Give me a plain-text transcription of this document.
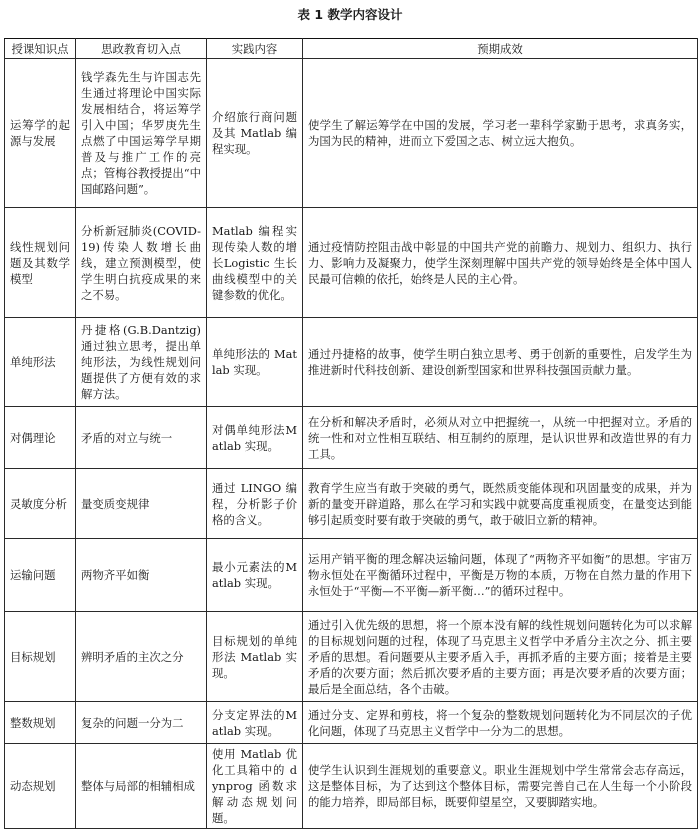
表 1 教学内容设计
授课知识点	思政教育切入点	实践内容	预期成效
运筹学的起源与发展	钱学森先生与许国志先生通过将理论中国实际发展相结合，将运筹学引入中国；华罗庚先生点燃了中国运筹学早期普及与推广工作的亮点；管梅谷教授提出“中国邮路问题”。	介绍旅行商问题及其 Matlab 编程实现。	使学生了解运筹学在中国的发展，学习老一辈科学家勤于思考，求真务实，为国为民的精神，进而立下爱国之志、树立远大抱负。
线性规划问题及其数学模型	分析新冠肺炎(COVID-19)传染人数增长曲线，建立预测模型，使学生明白抗疫成果的来之不易。	Matlab 编程实现传染人数的增长Logistic 生长曲线模型中的关键参数的优化。	通过疫情防控阻击战中彰显的中国共产党的前瞻力、规划力、组织力、执行力、影响力及凝聚力，使学生深刻理解中国共产党的领导始终是全体中国人民最可信赖的依托，始终是人民的主心骨。
单纯形法	丹捷格(G.B.Dantzig)通过独立思考，提出单纯形法，为线性规划问题提供了方便有效的求解方法。	单纯形法的 Matlab 实现。	通过丹捷格的故事，使学生明白独立思考、勇于创新的重要性，启发学生为推进新时代科技创新、建设创新型国家和世界科技强国贡献力量。
对偶理论	矛盾的对立与统一	对偶单纯形法Matlab 实现。	在分析和解决矛盾时，必须从对立中把握统一，从统一中把握对立。矛盾的统一性和对立性相互联结、相互制约的原理，是认识世界和改造世界的有力工具。
灵敏度分析	量变质变规律	通过 LINGO 编程，分析影子价格的含义。	教育学生应当有敢于突破的勇气，既然质变能体现和巩固量变的成果，并为新的量变开辟道路，那么在学习和实践中就要高度重视质变，在量变达到能够引起质变时要有敢于突破的勇气，敢于破旧立新的精神。
运输问题	两物齐平如衡	最小元素法的Matlab 实现。	运用产销平衡的理念解决运输问题，体现了“两物齐平如衡”的思想。宇宙万物永恒处在平衡循环过程中，平衡是万物的本质，万物在自然力量的作用下永恒处于“平衡—不平衡—新平衡…”的循环过程中。
目标规划	辨明矛盾的主次之分	目标规划的单纯形法 Matlab 实现。	通过引入优先级的思想，将一个原本没有解的线性规划问题转化为可以求解的目标规划问题的过程，体现了马克思主义哲学中矛盾分主次之分、抓主要矛盾的思想。看问题要从主要矛盾入手，再抓矛盾的主要方面；接着是主要矛盾的次要方面；然后抓次要矛盾的主要方面；再是次要矛盾的次要方面；最后是全面总结，各个击破。
整数规划	复杂的问题一分为二	分支定界法的Matlab 实现。	通过分支、定界和剪枝，将一个复杂的整数规划问题转化为不同层次的子优化问题，体现了马克思主义哲学中一分为二的思想。
动态规划	整体与局部的相辅相成	使用 Matlab 优化工具箱中的 dynprog 函数求解动态规划问题。	使学生认识到生涯规划的重要意义。职业生涯规划中学生常常会志存高远，这是整体目标，为了达到这个整体目标，需要完善自己在人生每一个小阶段的能力培养，即局部目标，既要仰望星空，又要脚踏实地。
